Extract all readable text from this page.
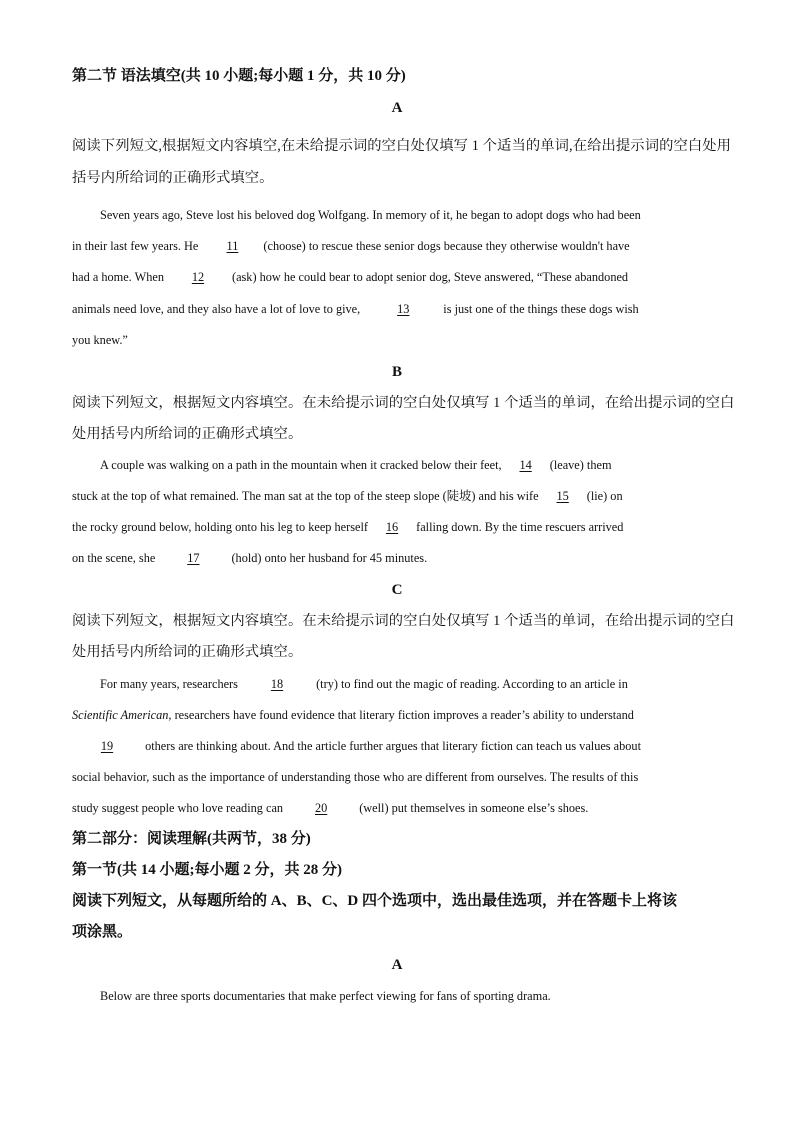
第二节 语法填空(共 10 小题;每小题 1 分，共 10 分)
A
阅读下列短文,根据短文内容填空,在未给提示词的空白处仅填写 1 个适当的单词,在给出提示词的空白处用
括号内所给词的正确形式填空。
Seven years ago, Steve lost his beloved dog Wolfgang. In memory of it, he began to adopt dogs who had been
in their last few years. He 11 (choose) to rescue these senior dogs because they otherwise wouldn't have
had a home. When 12 (ask) how he could bear to adopt senior dog, Steve answered, “These abandoned
animals need love, and they also have a lot of love to give,	13	is just one of the things these dogs wish
you knew.”
B
阅读下列短文，根据短文内容填空。在未给提示词的空白处仅填写 1 个适当的单词，在给出提示词的空白
处用括号内所给词的正确形式填空。
A couple was walking on a path in the mountain when it cracked below their feet, 14 (leave) them
stuck at the top of what remained. The man sat at the top of the steep slope (陡坡) and his wife 15 (lie) on
the rocky ground below, holding onto his leg to keep herself 16 falling down. By the time rescuers arrived
on the scene, she 17 (hold) onto her husband for 45 minutes.
C
阅读下列短文，根据短文内容填空。在未给提示词的空白处仅填写 1 个适当的单词，在给出提示词的空白
处用括号内所给词的正确形式填空。
For many years, researchers 18 (try) to find out the magic of reading. According to an article in
Scientific American, researchers have found evidence that literary fiction improves a reader’s ability to understand
19 others are thinking about. And the article further argues that literary fiction can teach us values about
social behavior, such as the importance of understanding those who are different from ourselves. The results of this
study suggest people who love reading can 20 (well) put themselves in someone else’s shoes.
第二部分：阅读理解(共两节，38 分)
第一节(共 14 小题;每小题 2 分，共 28 分)
阅读下列短文，从每题所给的 A、B、C、D 四个选项中，选出最佳选项，并在答题卡上将该
项涂黑。
A
Below are three sports documentaries that make perfect viewing for fans of sporting drama.
